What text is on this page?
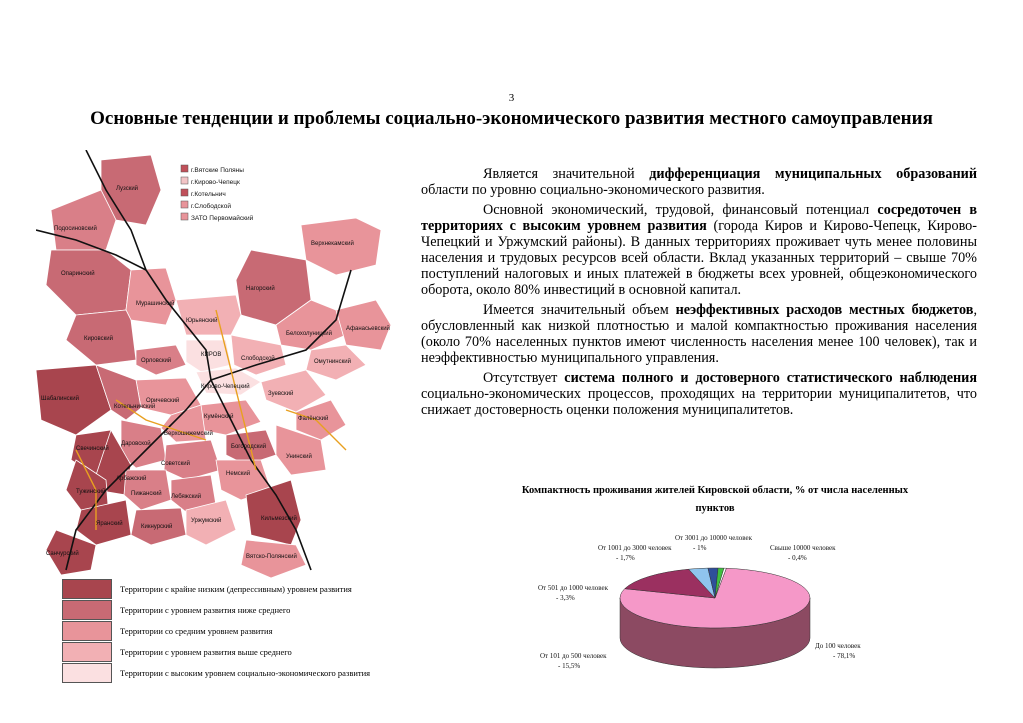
3
Основные тенденции и проблемы социально-экономического развития местного самоуправления

Является значительной дифференциация муниципальных образований области по уровню социально-экономического развития.

Основной экономический, трудовой, финансовый потенциал сосредоточен в территориях с высоким уровнем развития (города Киров и Кирово-Чепецк, Кирово-Чепецкий и Уржумский районы). В данных территориях проживает чуть менее половины населения и трудовых ресурсов всей области. Вклад указанных территорий – свыше 70% поступлений налоговых и иных платежей в бюджеты всех уровней, общеэкономического оборота, около 80% инвестиций в основной капитал.

Имеется значительный объем неэффективных расходов местных бюджетов, обусловленный как низкой плотностью и малой компактностью проживания населения (около 70% населенных пунктов имеют численность населения менее 100 человек), так и неэффективностью муниципального управления.

Отсутствует система полного и достоверного статистического наблюдения социально-экономических процессов, проходящих на территории муниципалитетов, что снижает достоверность оценки положения муниципалитетов.

Лузский
Подосиновский
Опаринский
Мурашинский
Верхнекамский
Нагорский
Белохолуницкий
Афанасьевский
Омутнинский
Юрьянский
Кировский
Орловский
КИРОВ
Слободской
Кирово-Чепецкий
Оричевский
Зуевский
Шабалинский
Котельничский
Кумёнский	Фалёнский
Верхошижемский
Свечинский
Даровской
Арбажский
Советский
Богородский
Унинский
Тужинский	Пижанский Лебяжский
Немский
Яранский
Санчурский
Кикнурский
Уржумский	Кильмезский
Вятско-Полянский
г.Вятские Поляны
г.Кирово-Чепецк
г.Котельнич
г.Слободской
ЗАТО Первомайский
Территории с крайне низким (депрессивным) уровнем развития
Территории с уровнем развития ниже среднего
Территории со средним уровнем развития
Территории с уровнем развития выше среднего
Территории с высоким уровнем социально-экономического развития
Компактность проживания жителей Кировской области, % от числа населенных пунктов
До 100 человек - 78,1%
От 101 до 500 человек - 15,5%
От 501 до 1000 человек - 3,3%
От 1001 до 3000 человек - 1,7%
От 3001 до 10000 человек - 1%	Свыше 10000 человек - 0,4%
